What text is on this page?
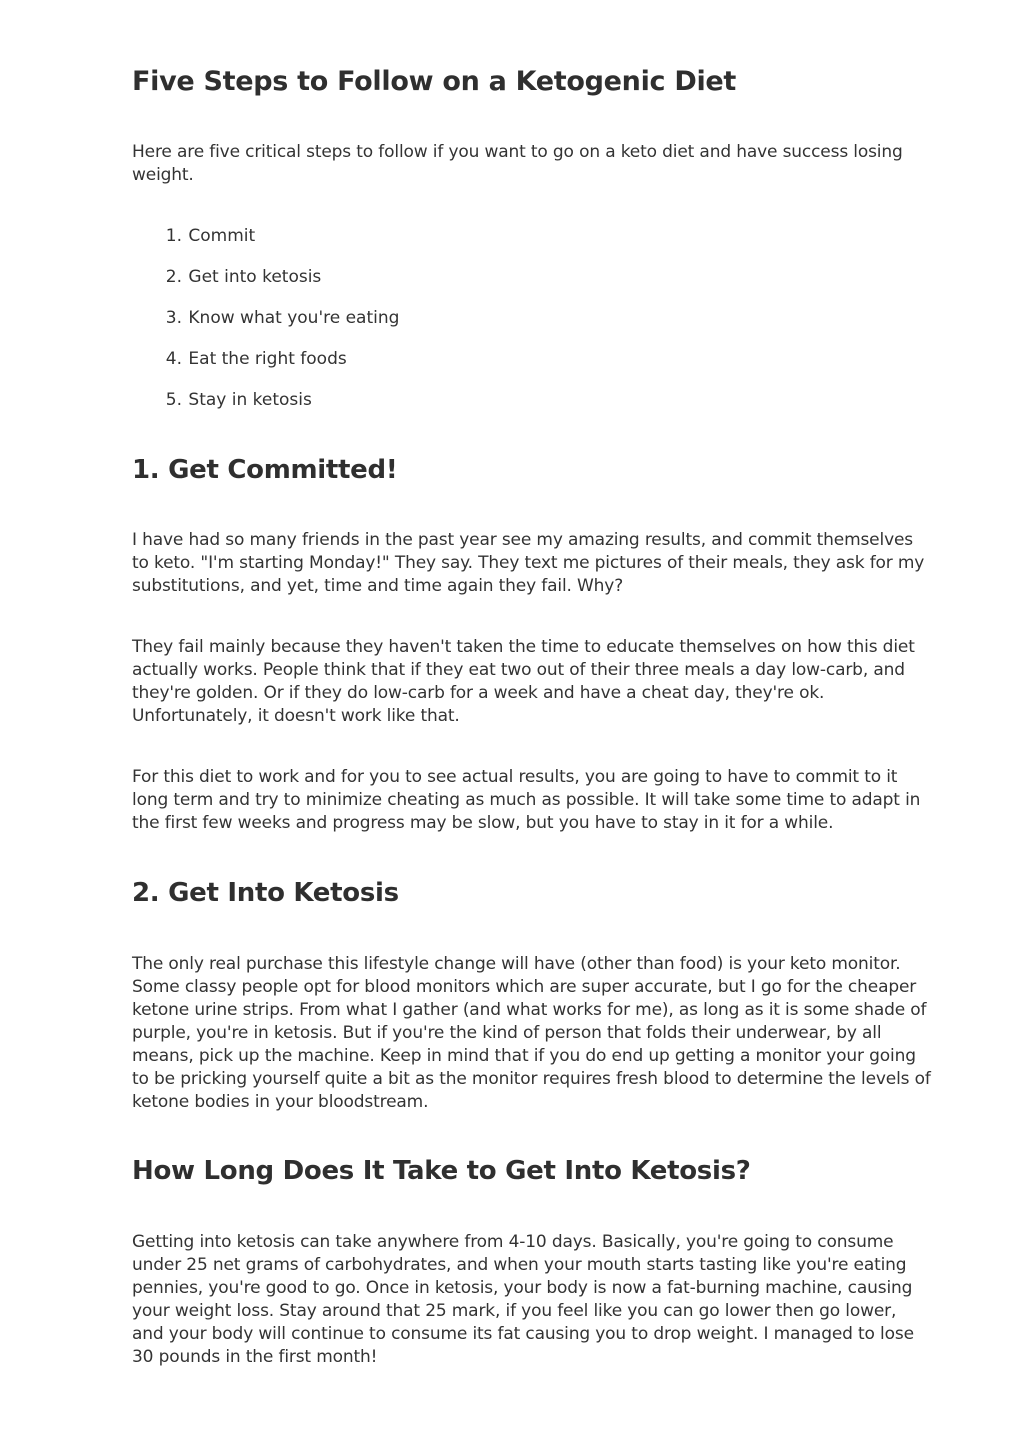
Five Steps to Follow on a Ketogenic Diet

Here are five critical steps to follow if you want to go on a keto diet and have success losing weight.

1. Commit
2. Get into ketosis
3. Know what you're eating
4. Eat the right foods
5. Stay in ketosis
1. Get Committed!

I have had so many friends in the past year see my amazing results, and commit themselves to keto. "I'm starting Monday!" They say. They text me pictures of their meals, they ask for my substitutions, and yet, time and time again they fail. Why?

They fail mainly because they haven't taken the time to educate themselves on how this diet actually works. People think that if they eat two out of their three meals a day low-carb, and they're golden. Or if they do low-carb for a week and have a cheat day, they're ok. Unfortunately, it doesn't work like that.

For this diet to work and for you to see actual results, you are going to have to commit to it long term and try to minimize cheating as much as possible. It will take some time to adapt in the first few weeks and progress may be slow, but you have to stay in it for a while.

2. Get Into Ketosis

The only real purchase this lifestyle change will have (other than food) is your keto monitor. Some classy people opt for blood monitors which are super accurate, but I go for the cheaper ketone urine strips. From what I gather (and what works for me), as long as it is some shade of purple, you're in ketosis. But if you're the kind of person that folds their underwear, by all means, pick up the machine. Keep in mind that if you do end up getting a monitor your going to be pricking yourself quite a bit as the monitor requires fresh blood to determine the levels of ketone bodies in your bloodstream.

How Long Does It Take to Get Into Ketosis?

Getting into ketosis can take anywhere from 4-10 days. Basically, you're going to consume under 25 net grams of carbohydrates, and when your mouth starts tasting like you're eating pennies, you're good to go. Once in ketosis, your body is now a fat-burning machine, causing your weight loss. Stay around that 25 mark, if you feel like you can go lower then go lower, and your body will continue to consume its fat causing you to drop weight. I managed to lose 30 pounds in the first month!
